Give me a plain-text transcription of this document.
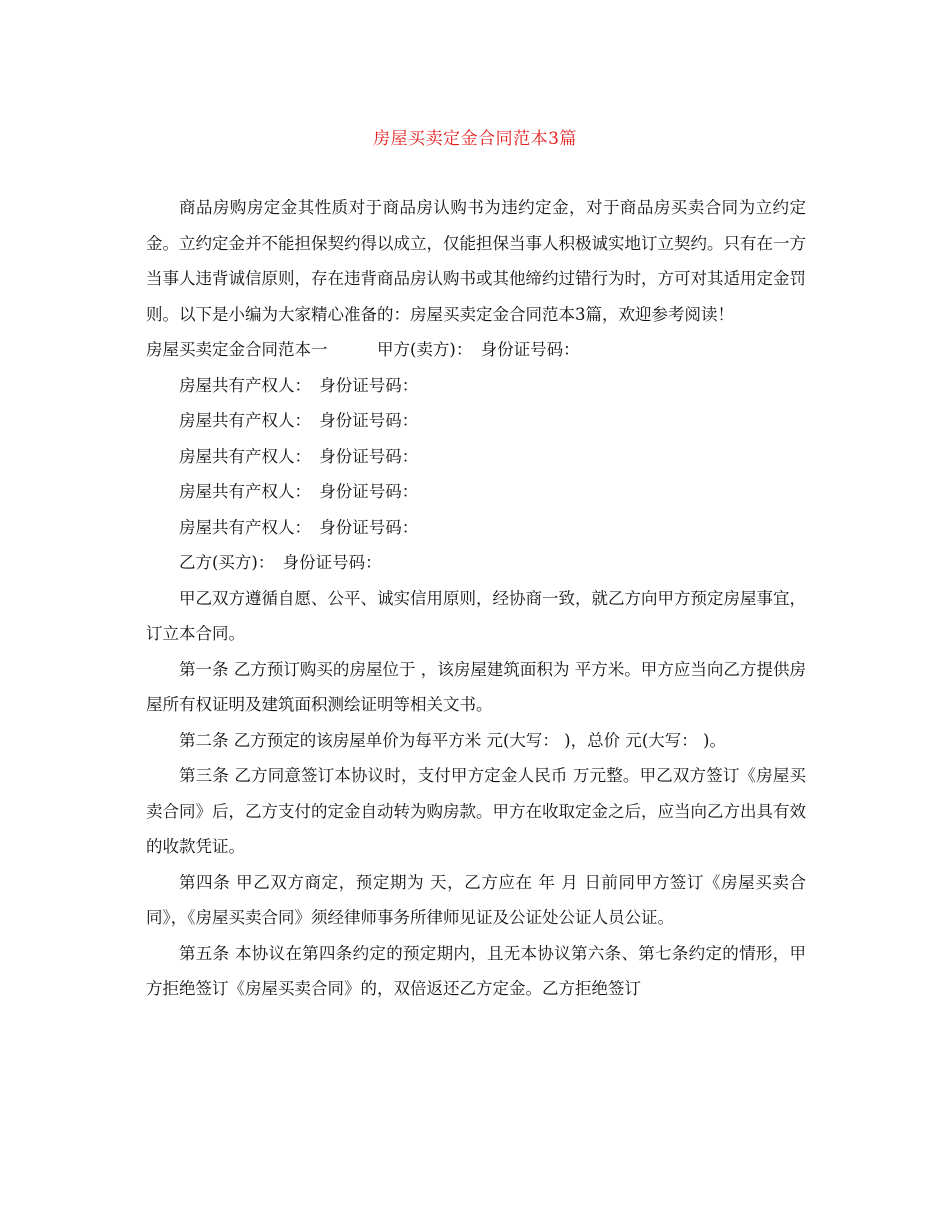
房屋买卖定金合同范本3篇

商品房购房定金其性质对于商品房认购书为违约定金，对于商品房买卖合同为立约定金。立约定金并不能担保契约得以成立，仅能担保当事人积极诚实地订立契约。只有在一方当事人违背诚信原则，存在违背商品房认购书或其他缔约过错行为时，方可对其适用定金罚则。以下是小编为大家精心准备的：房屋买卖定金合同范本3篇，欢迎参考阅读！

房屋买卖定金合同范本一　　　甲方(卖方)：　身份证号码：

房屋共有产权人：　身份证号码：

房屋共有产权人：　身份证号码：

房屋共有产权人：　身份证号码：

房屋共有产权人：　身份证号码：

房屋共有产权人：　身份证号码：

乙方(买方)：　身份证号码：

甲乙双方遵循自愿、公平、诚实信用原则，经协商一致，就乙方向甲方预定房屋事宜，订立本合同。

第一条 乙方预订购买的房屋位于 ，该房屋建筑面积为 平方米。甲方应当向乙方提供房屋所有权证明及建筑面积测绘证明等相关文书。

第二条 乙方预定的该房屋单价为每平方米 元(大写： )，总价 元(大写： )。

第三条 乙方同意签订本协议时，支付甲方定金人民币 万元整。甲乙双方签订《房屋买卖合同》后，乙方支付的定金自动转为购房款。甲方在收取定金之后，应当向乙方出具有效的收款凭证。

第四条 甲乙双方商定，预定期为 天，乙方应在 年 月 日前同甲方签订《房屋买卖合同》，《房屋买卖合同》须经律师事务所律师见证及公证处公证人员公证。

第五条 本协议在第四条约定的预定期内，且无本协议第六条、第七条约定的情形，甲方拒绝签订《房屋买卖合同》的，双倍返还乙方定金。乙方拒绝签订
